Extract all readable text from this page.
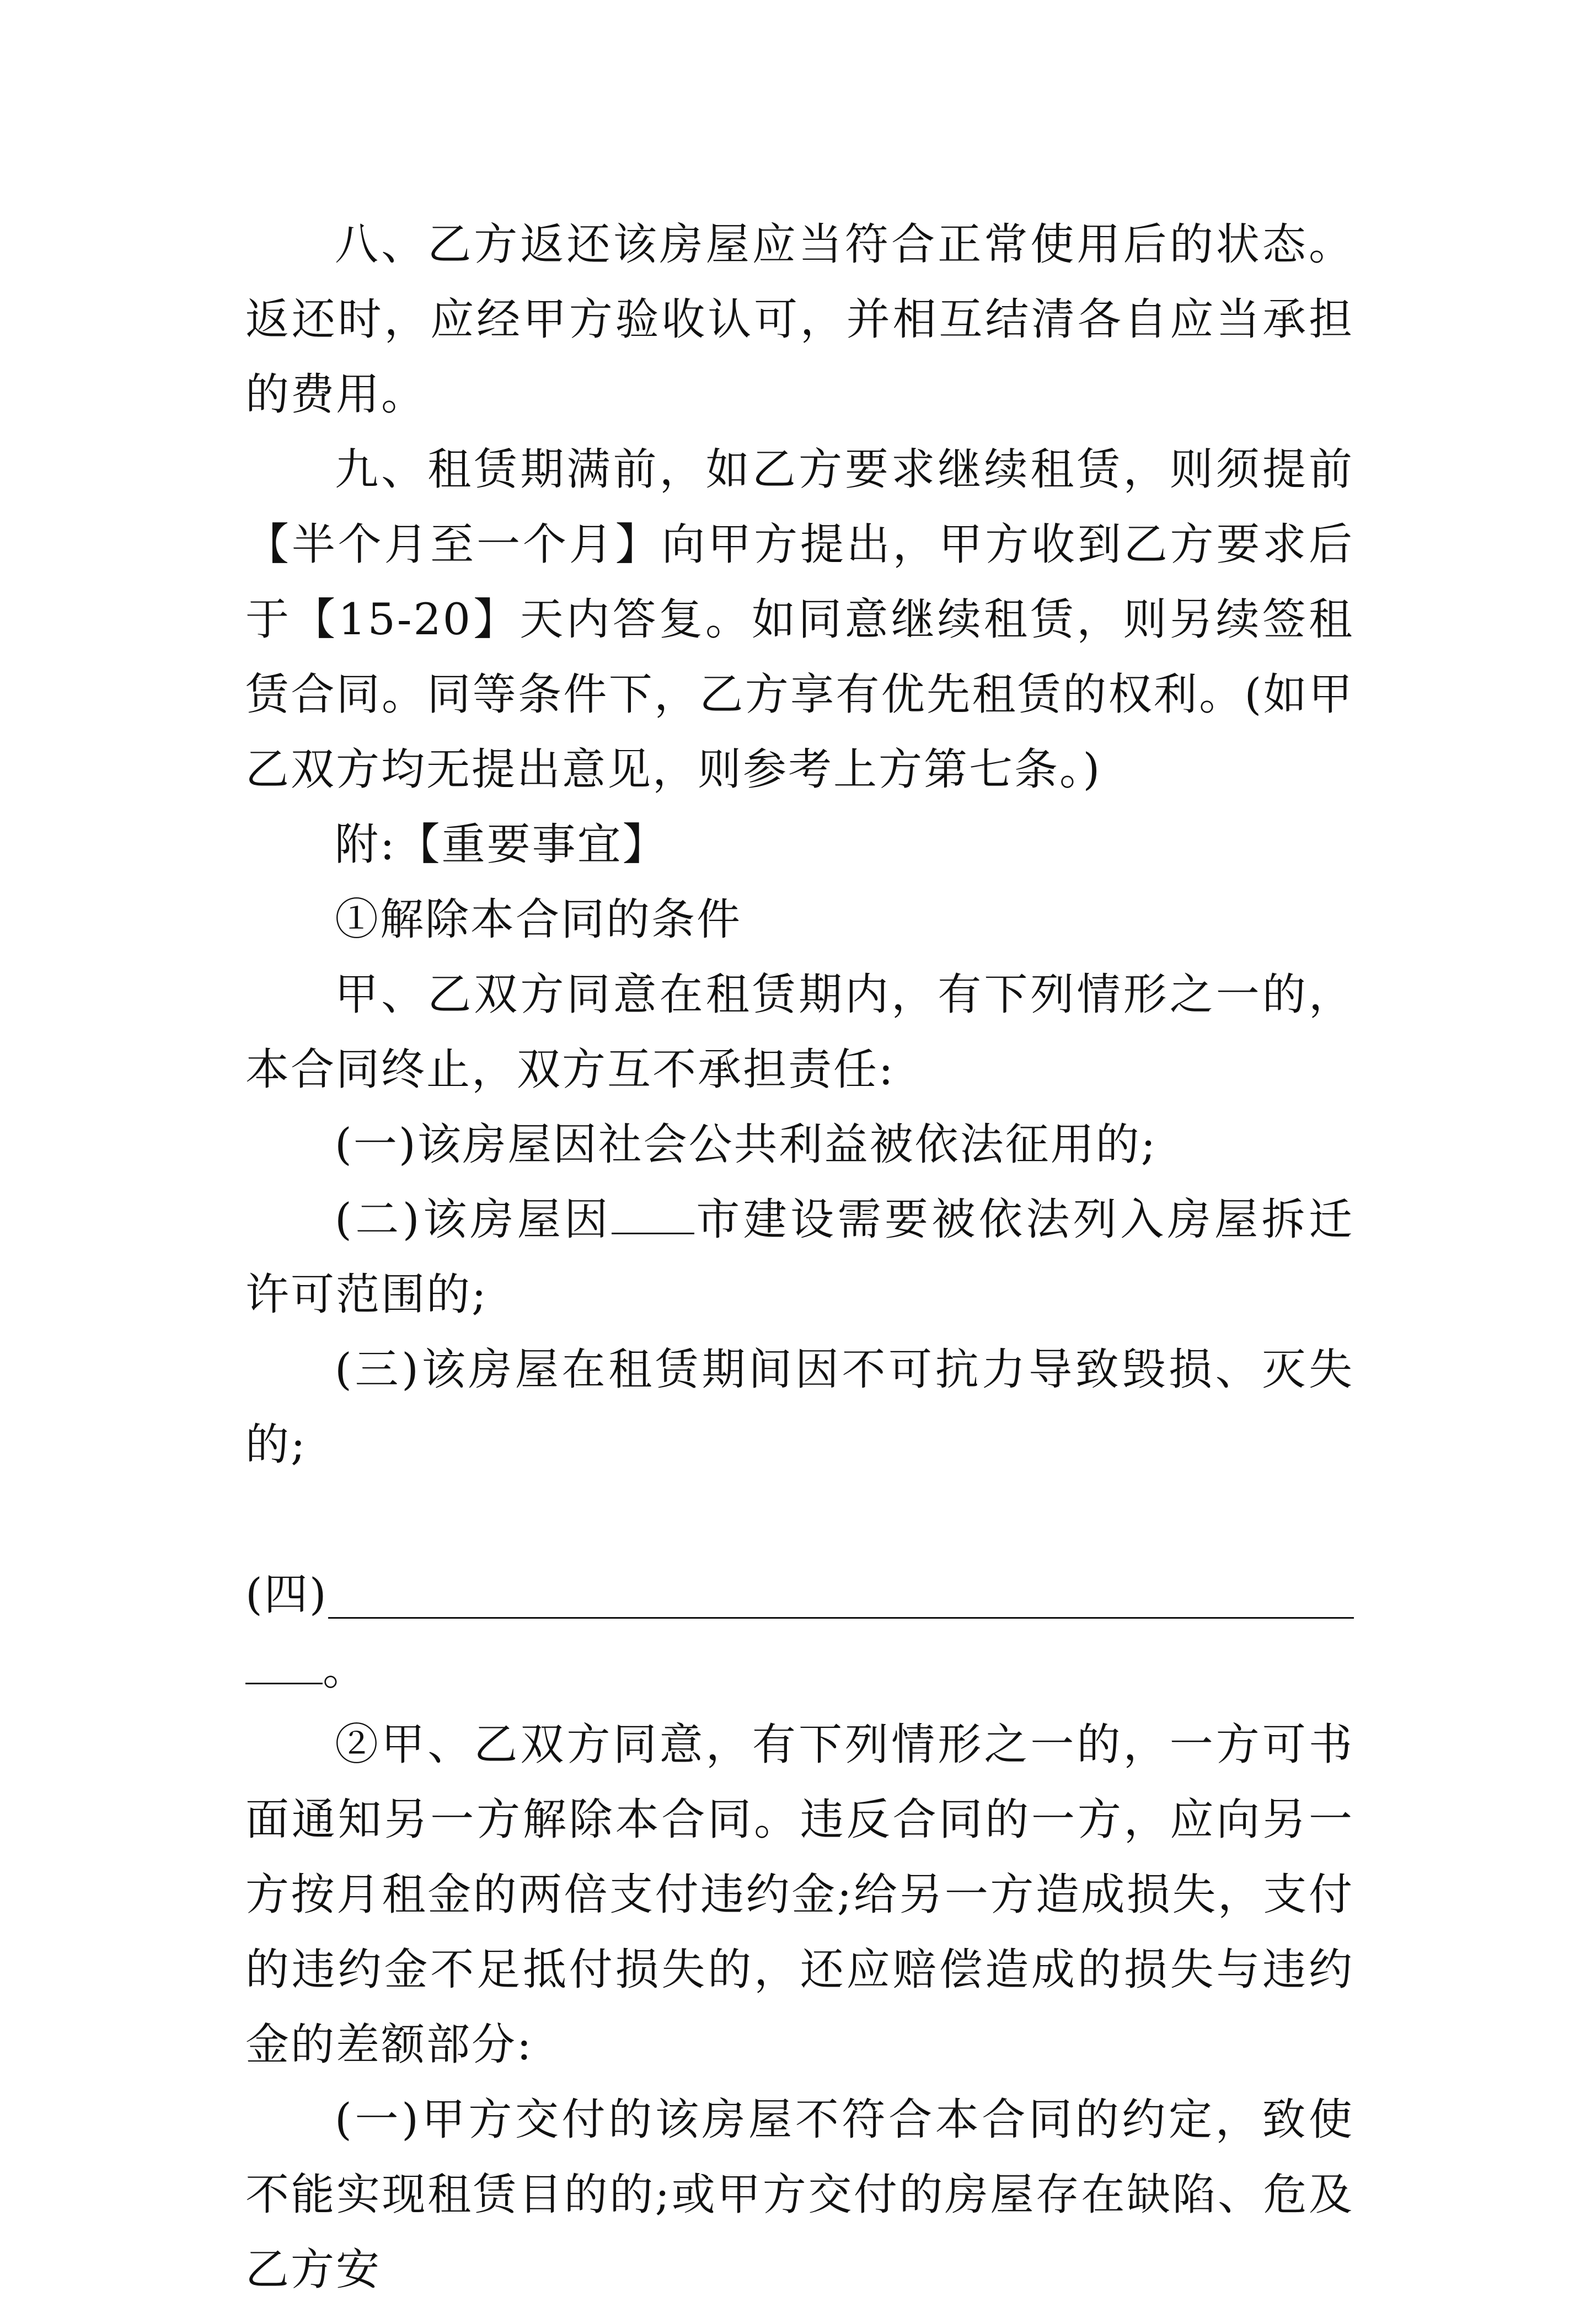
八、乙方返还该房屋应当符合正常使用后的状态。返还时，应经甲方验收认可，并相互结清各自应当承担的费用。

九、租赁期满前，如乙方要求继续租赁，则须提前【半个月至一个月】向甲方提出，甲方收到乙方要求后于【15-20】天内答复。如同意继续租赁，则另续签租赁合同。同等条件下，乙方享有优先租赁的权利。(如甲乙双方均无提出意见，则参考上方第七条。)

附:【重要事宜】

①解除本合同的条件

甲、乙双方同意在租赁期内，有下列情形之一的，本合同终止，双方互不承担责任:

(一)该房屋因社会公共利益被依法征用的;

(二)该房屋因 市建设需要被依法列入房屋拆迁许可范围的;

(三)该房屋在租赁期间因不可抗力导致毁损、灭失的;

(四)

。

②甲、乙双方同意，有下列情形之一的，一方可书面通知另一方解除本合同。违反合同的一方，应向另一方按月租金的两倍支付违约金;给另一方造成损失，支付的违约金不足抵付损失的，还应赔偿造成的损失与违约金的差额部分:

(一)甲方交付的该房屋不符合本合同的约定，致使不能实现租赁目的的;或甲方交付的房屋存在缺陷、危及乙方安
